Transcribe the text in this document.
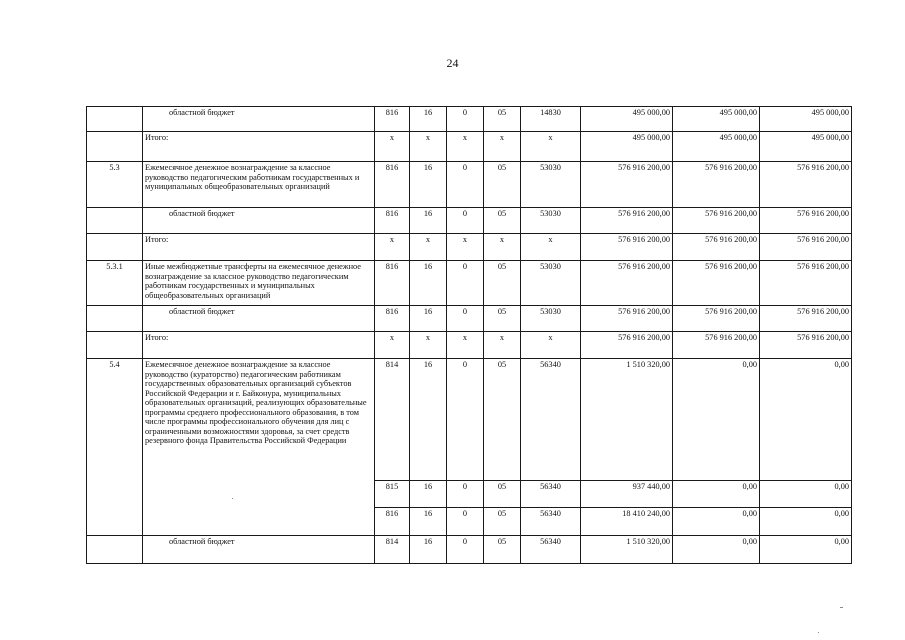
24
	областной бюджет	816	16	0	05	14830	495 000,00	495 000,00	495 000,00
	Итого:	x	x	x	x	x	495 000,00	495 000,00	495 000,00
5.3	Ежемесячное денежное вознаграждение за классное руководство педагогическим работникам государственных и муниципальных общеобразовательных организаций	816	16	0	05	53030	576 916 200,00	576 916 200,00	576 916 200,00
	областной бюджет	816	16	0	05	53030	576 916 200,00	576 916 200,00	576 916 200,00
	Итого:	x	x	x	x	x	576 916 200,00	576 916 200,00	576 916 200,00
5.3.1	Иные межбюджетные трансферты на ежемесячное денежное вознаграждение за классное руководство педагогическим работникам государственных и муниципальных общеобразовательных организаций	816	16	0	05	53030	576 916 200,00	576 916 200,00	576 916 200,00
	областной бюджет	816	16	0	05	53030	576 916 200,00	576 916 200,00	576 916 200,00
	Итого:	x	x	x	x	x	576 916 200,00	576 916 200,00	576 916 200,00
5.4	Ежемесячное денежное вознаграждение за классное руководство (кураторство) педагогическим работникам государственных образовательных организаций субъектов Российской Федерации и г. Байконура, муниципальных образовательных организаций, реализующих образовательные программы среднего профессионального образования, в том числе программы профессионального обучения для лиц с ограниченными возможностями здоровья, за счет средств резервного фонда Правительства Российской Федерации	814	16	0	05	56340	1 510 320,00	0,00	0,00
		815	16	0	05	56340	937 440,00	0,00	0,00
		816	16	0	05	56340	18 410 240,00	0,00	0,00
	областной бюджет	814	16	0	05	56340	1 510 320,00	0,00	0,00
